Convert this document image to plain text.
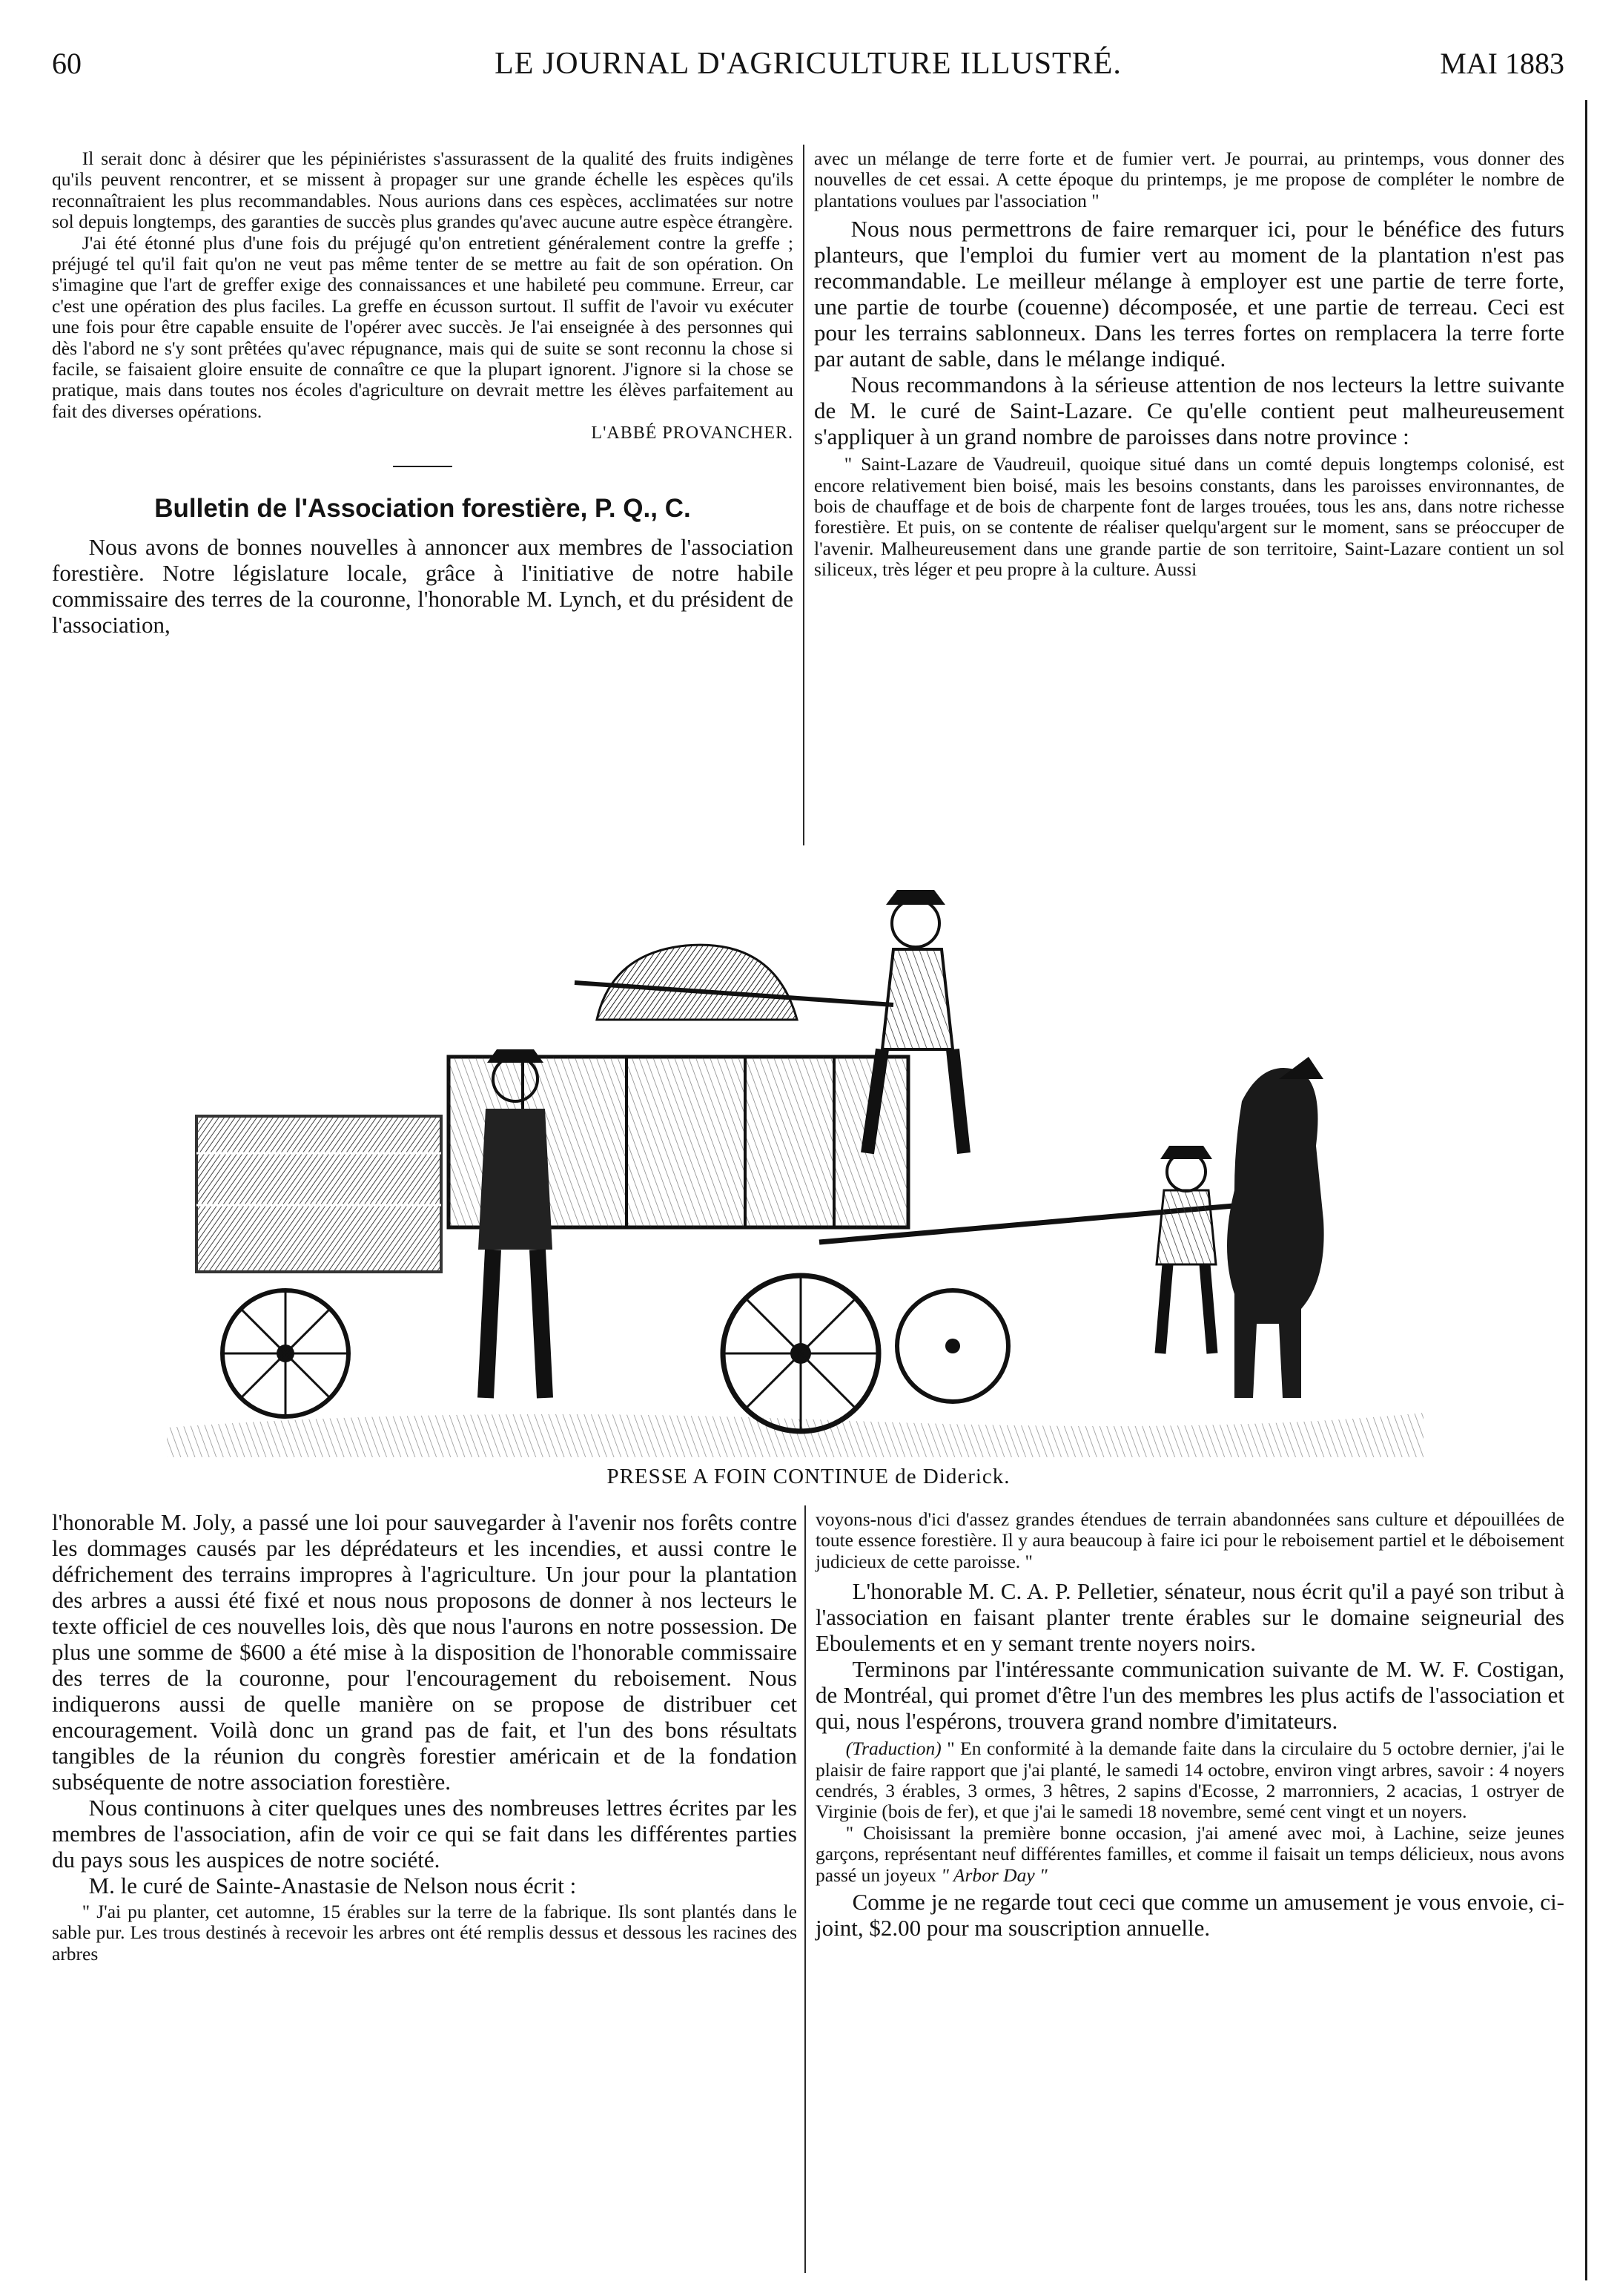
60	LE JOURNAL D'AGRICULTURE ILLUSTRÉ.	MAI 1883

Il serait donc à désirer que les pépiniéristes s'assurassent de la qualité des fruits indigènes qu'ils peuvent rencontrer, et se missent à propager sur une grande échelle les espèces qu'ils reconnaîtraient les plus recommandables. Nous aurions dans ces espèces, acclimatées sur notre sol depuis longtemps, des garanties de succès plus grandes qu'avec aucune autre espèce étrangère.

J'ai été étonné plus d'une fois du préjugé qu'on entretient généralement contre la greffe ; préjugé tel qu'il fait qu'on ne veut pas même tenter de se mettre au fait de son opération. On s'imagine que l'art de greffer exige des connaissances et une habileté peu commune. Erreur, car c'est une opération des plus faciles. La greffe en écusson surtout. Il suffit de l'avoir vu exécuter une fois pour être capable ensuite de l'opérer avec succès. Je l'ai enseignée à des personnes qui dès l'abord ne s'y sont prêtées qu'avec répugnance, mais qui de suite se sont reconnu la chose si facile, se faisaient gloire ensuite de connaître ce que la plupart ignorent. J'ignore si la chose se pratique, mais dans toutes nos écoles d'agriculture on devrait mettre les élèves parfaitement au fait des diverses opérations.

L'ABBÉ PROVANCHER.
Bulletin de l'Association forestière, P. Q., C.

Nous avons de bonnes nouvelles à annoncer aux membres de l'association forestière. Notre législature locale, grâce à l'initiative de notre habile commissaire des terres de la couronne, l'honorable M. Lynch, et du président de l'association,

avec un mélange de terre forte et de fumier vert. Je pourrai, au printemps, vous donner des nouvelles de cet essai. A cette époque du printemps, je me propose de compléter le nombre de plantations voulues par l'association "

Nous nous permettrons de faire remarquer ici, pour le bénéfice des futurs planteurs, que l'emploi du fumier vert au moment de la plantation n'est pas recommandable. Le meilleur mélange à employer est une partie de terre forte, une partie de tourbe (couenne) décomposée, et une partie de terreau. Ceci est pour les terrains sablonneux. Dans les terres fortes on remplacera la terre forte par autant de sable, dans le mélange indiqué.

Nous recommandons à la sérieuse attention de nos lecteurs la lettre suivante de M. le curé de Saint-Lazare. Ce qu'elle contient peut malheureusement s'appliquer à un grand nombre de paroisses dans notre province :

" Saint-Lazare de Vaudreuil, quoique situé dans un comté depuis longtemps colonisé, est encore relativement bien boisé, mais les besoins constants, dans les paroisses environnantes, de bois de chauffage et de bois de charpente font de larges trouées, tous les ans, dans notre richesse forestière. Et puis, on se contente de réaliser quelqu'argent sur le moment, sans se préoccuper de l'avenir. Malheureusement dans une grande partie de son territoire, Saint-Lazare contient un sol siliceux, très léger et peu propre à la culture. Aussi

PRESSE A FOIN CONTINUE de Diderick.

l'honorable M. Joly, a passé une loi pour sauvegarder à l'avenir nos forêts contre les dommages causés par les déprédateurs et les incendies, et aussi contre le défrichement des terrains impropres à l'agriculture. Un jour pour la plantation des arbres a aussi été fixé et nous nous proposons de donner à nos lecteurs le texte officiel de ces nouvelles lois, dès que nous l'aurons en notre possession. De plus une somme de $600 a été mise à la disposition de l'honorable commissaire des terres de la couronne, pour l'encouragement du reboisement. Nous indiquerons aussi de quelle manière on se propose de distribuer cet encouragement. Voilà donc un grand pas de fait, et l'un des bons résultats tangibles de la réunion du congrès forestier américain et de la fondation subséquente de notre association forestière.

Nous continuons à citer quelques unes des nombreuses lettres écrites par les membres de l'association, afin de voir ce qui se fait dans les différentes parties du pays sous les auspices de notre société.

M. le curé de Sainte-Anastasie de Nelson nous écrit :

" J'ai pu planter, cet automne, 15 érables sur la terre de la fabrique. Ils sont plantés dans le sable pur. Les trous destinés à recevoir les arbres ont été remplis dessus et dessous les racines des arbres

voyons-nous d'ici d'assez grandes étendues de terrain abandonnées sans culture et dépouillées de toute essence forestière. Il y aura beaucoup à faire ici pour le reboisement partiel et le déboisement judicieux de cette paroisse. "

L'honorable M. C. A. P. Pelletier, sénateur, nous écrit qu'il a payé son tribut à l'association en faisant planter trente érables sur le domaine seigneurial des Eboulements et en y semant trente noyers noirs.

Terminons par l'intéressante communication suivante de M. W. F. Costigan, de Montréal, qui promet d'être l'un des membres les plus actifs de l'association et qui, nous l'espérons, trouvera grand nombre d'imitateurs.

(Traduction) " En conformité à la demande faite dans la circulaire du 5 octobre dernier, j'ai le plaisir de faire rapport que j'ai planté, le samedi 14 octobre, environ vingt arbres, savoir : 4 noyers cendrés, 3 érables, 3 ormes, 3 hêtres, 2 sapins d'Ecosse, 2 marronniers, 2 acacias, 1 ostryer de Virginie (bois de fer), et que j'ai le samedi 18 novembre, semé cent vingt et un noyers.

" Choisissant la première bonne occasion, j'ai amené avec moi, à Lachine, seize jeunes garçons, représentant neuf différentes familles, et comme il faisait un temps délicieux, nous avons passé un joyeux " Arbor Day "

Comme je ne regarde tout ceci que comme un amusement je vous envoie, ci-joint, $2.00 pour ma souscription annuelle.
